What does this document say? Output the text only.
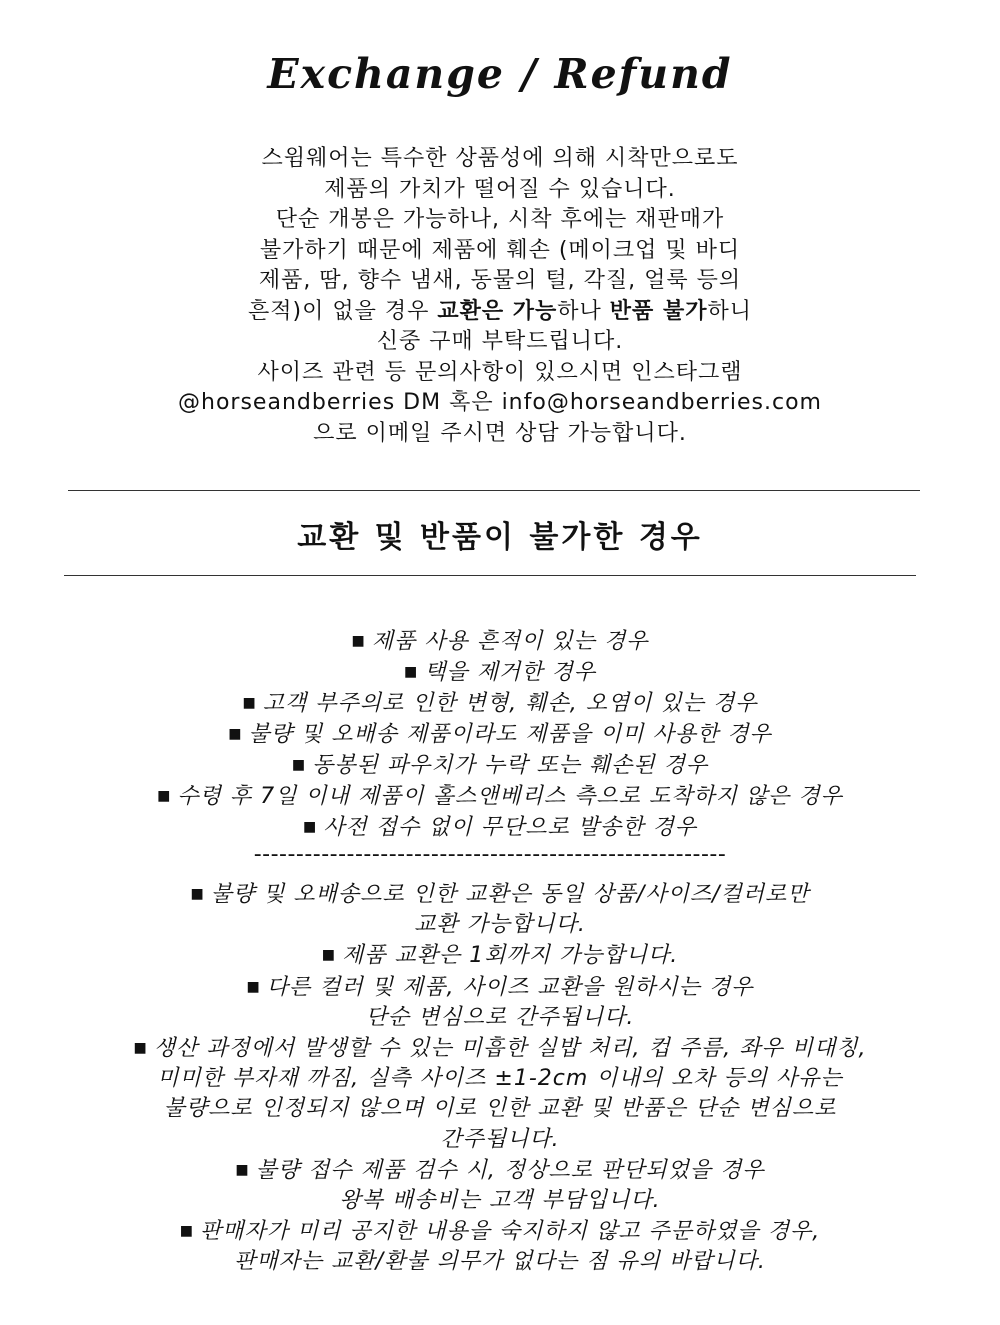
Exchange / Refund
스윔웨어는 특수한 상품성에 의해 시착만으로도
제품의 가치가 떨어질 수 있습니다.
단순 개봉은 가능하나, 시착 후에는 재판매가
불가하기 때문에 제품에 훼손 (메이크업 및 바디
제품, 땀, 향수 냄새, 동물의 털, 각질, 얼룩 등의
흔적)이 없을 경우 교환은 가능하나 반품 불가하니
신중 구매 부탁드립니다.
사이즈 관련 등 문의사항이 있으시면 인스타그램
@horseandberries DM 혹은 info@horseandberries.com
으로 이메일 주시면 상담 가능합니다.
교환 및 반품이 불가한 경우
■ 제품 사용 흔적이 있는 경우
■ 택을 제거한 경우
■ 고객 부주의로 인한 변형, 훼손, 오염이 있는 경우
■ 불량 및 오배송 제품이라도 제품을 이미 사용한 경우
■ 동봉된 파우치가 누락 또는 훼손된 경우
■ 수령 후 7일 이내 제품이 홀스앤베리스 측으로 도착하지 않은 경우
■ 사전 접수 없이 무단으로 발송한 경우
--------------------------------------------------------
■ 불량 및 오배송으로 인한 교환은 동일 상품/사이즈/컬러로만
교환 가능합니다.
■ 제품 교환은 1회까지 가능합니다.
■ 다른 컬러 및 제품, 사이즈 교환을 원하시는 경우
단순 변심으로 간주됩니다.
■ 생산 과정에서 발생할 수 있는 미흡한 실밥 처리, 컵 주름, 좌우 비대칭,
미미한 부자재 까짐, 실측 사이즈 ±1-2cm 이내의 오차 등의 사유는
불량으로 인정되지 않으며 이로 인한 교환 및 반품은 단순 변심으로
간주됩니다.
■ 불량 접수 제품 검수 시, 정상으로 판단되었을 경우
왕복 배송비는 고객 부담입니다.
■ 판매자가 미리 공지한 내용을 숙지하지 않고 주문하였을 경우,
판매자는 교환/환불 의무가 없다는 점 유의 바랍니다.
